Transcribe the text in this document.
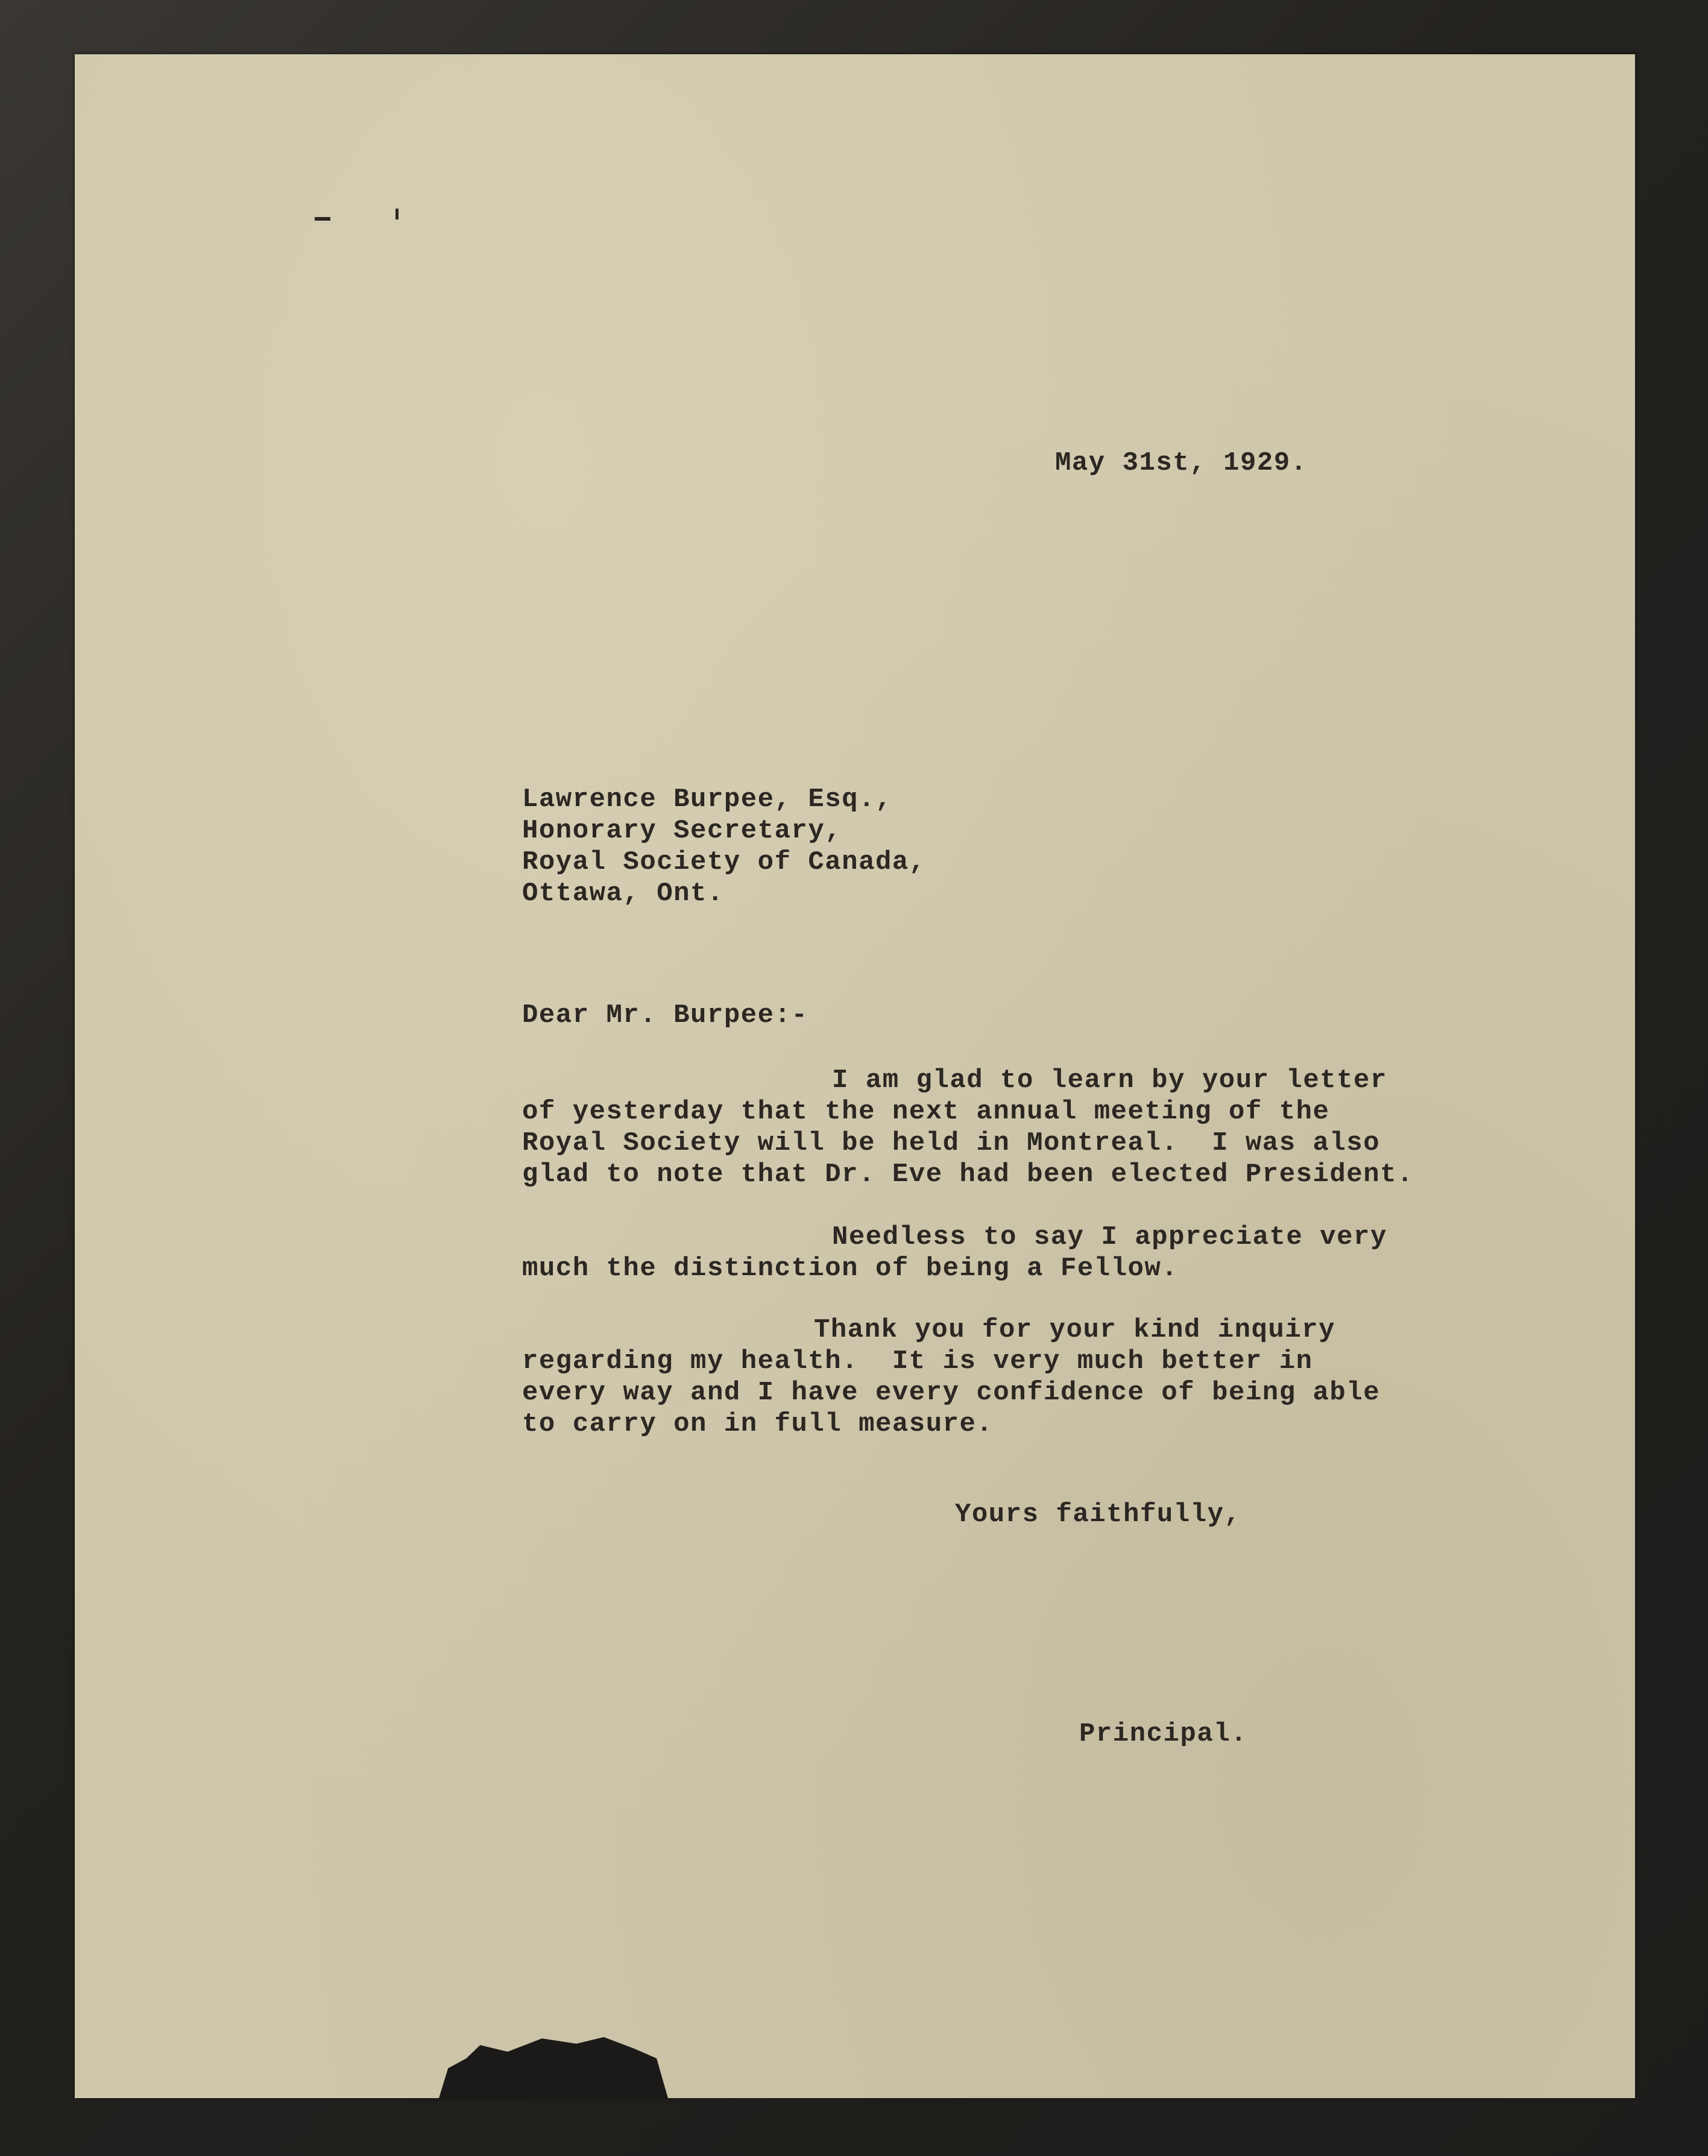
May 31st, 1929.
Lawrence Burpee, Esq.,
Honorary Secretary,
Royal Society of Canada,
Ottawa, Ont.
Dear Mr. Burpee:-
I am glad to learn by your letter
of yesterday that the next annual meeting of the
Royal Society will be held in Montreal.  I was also
glad to note that Dr. Eve had been elected President.
Needless to say I appreciate very
much the distinction of being a Fellow.
Thank you for your kind inquiry
regarding my health.  It is very much better in
every way and I have every confidence of being able
to carry on in full measure.
Yours faithfully,
Principal.
